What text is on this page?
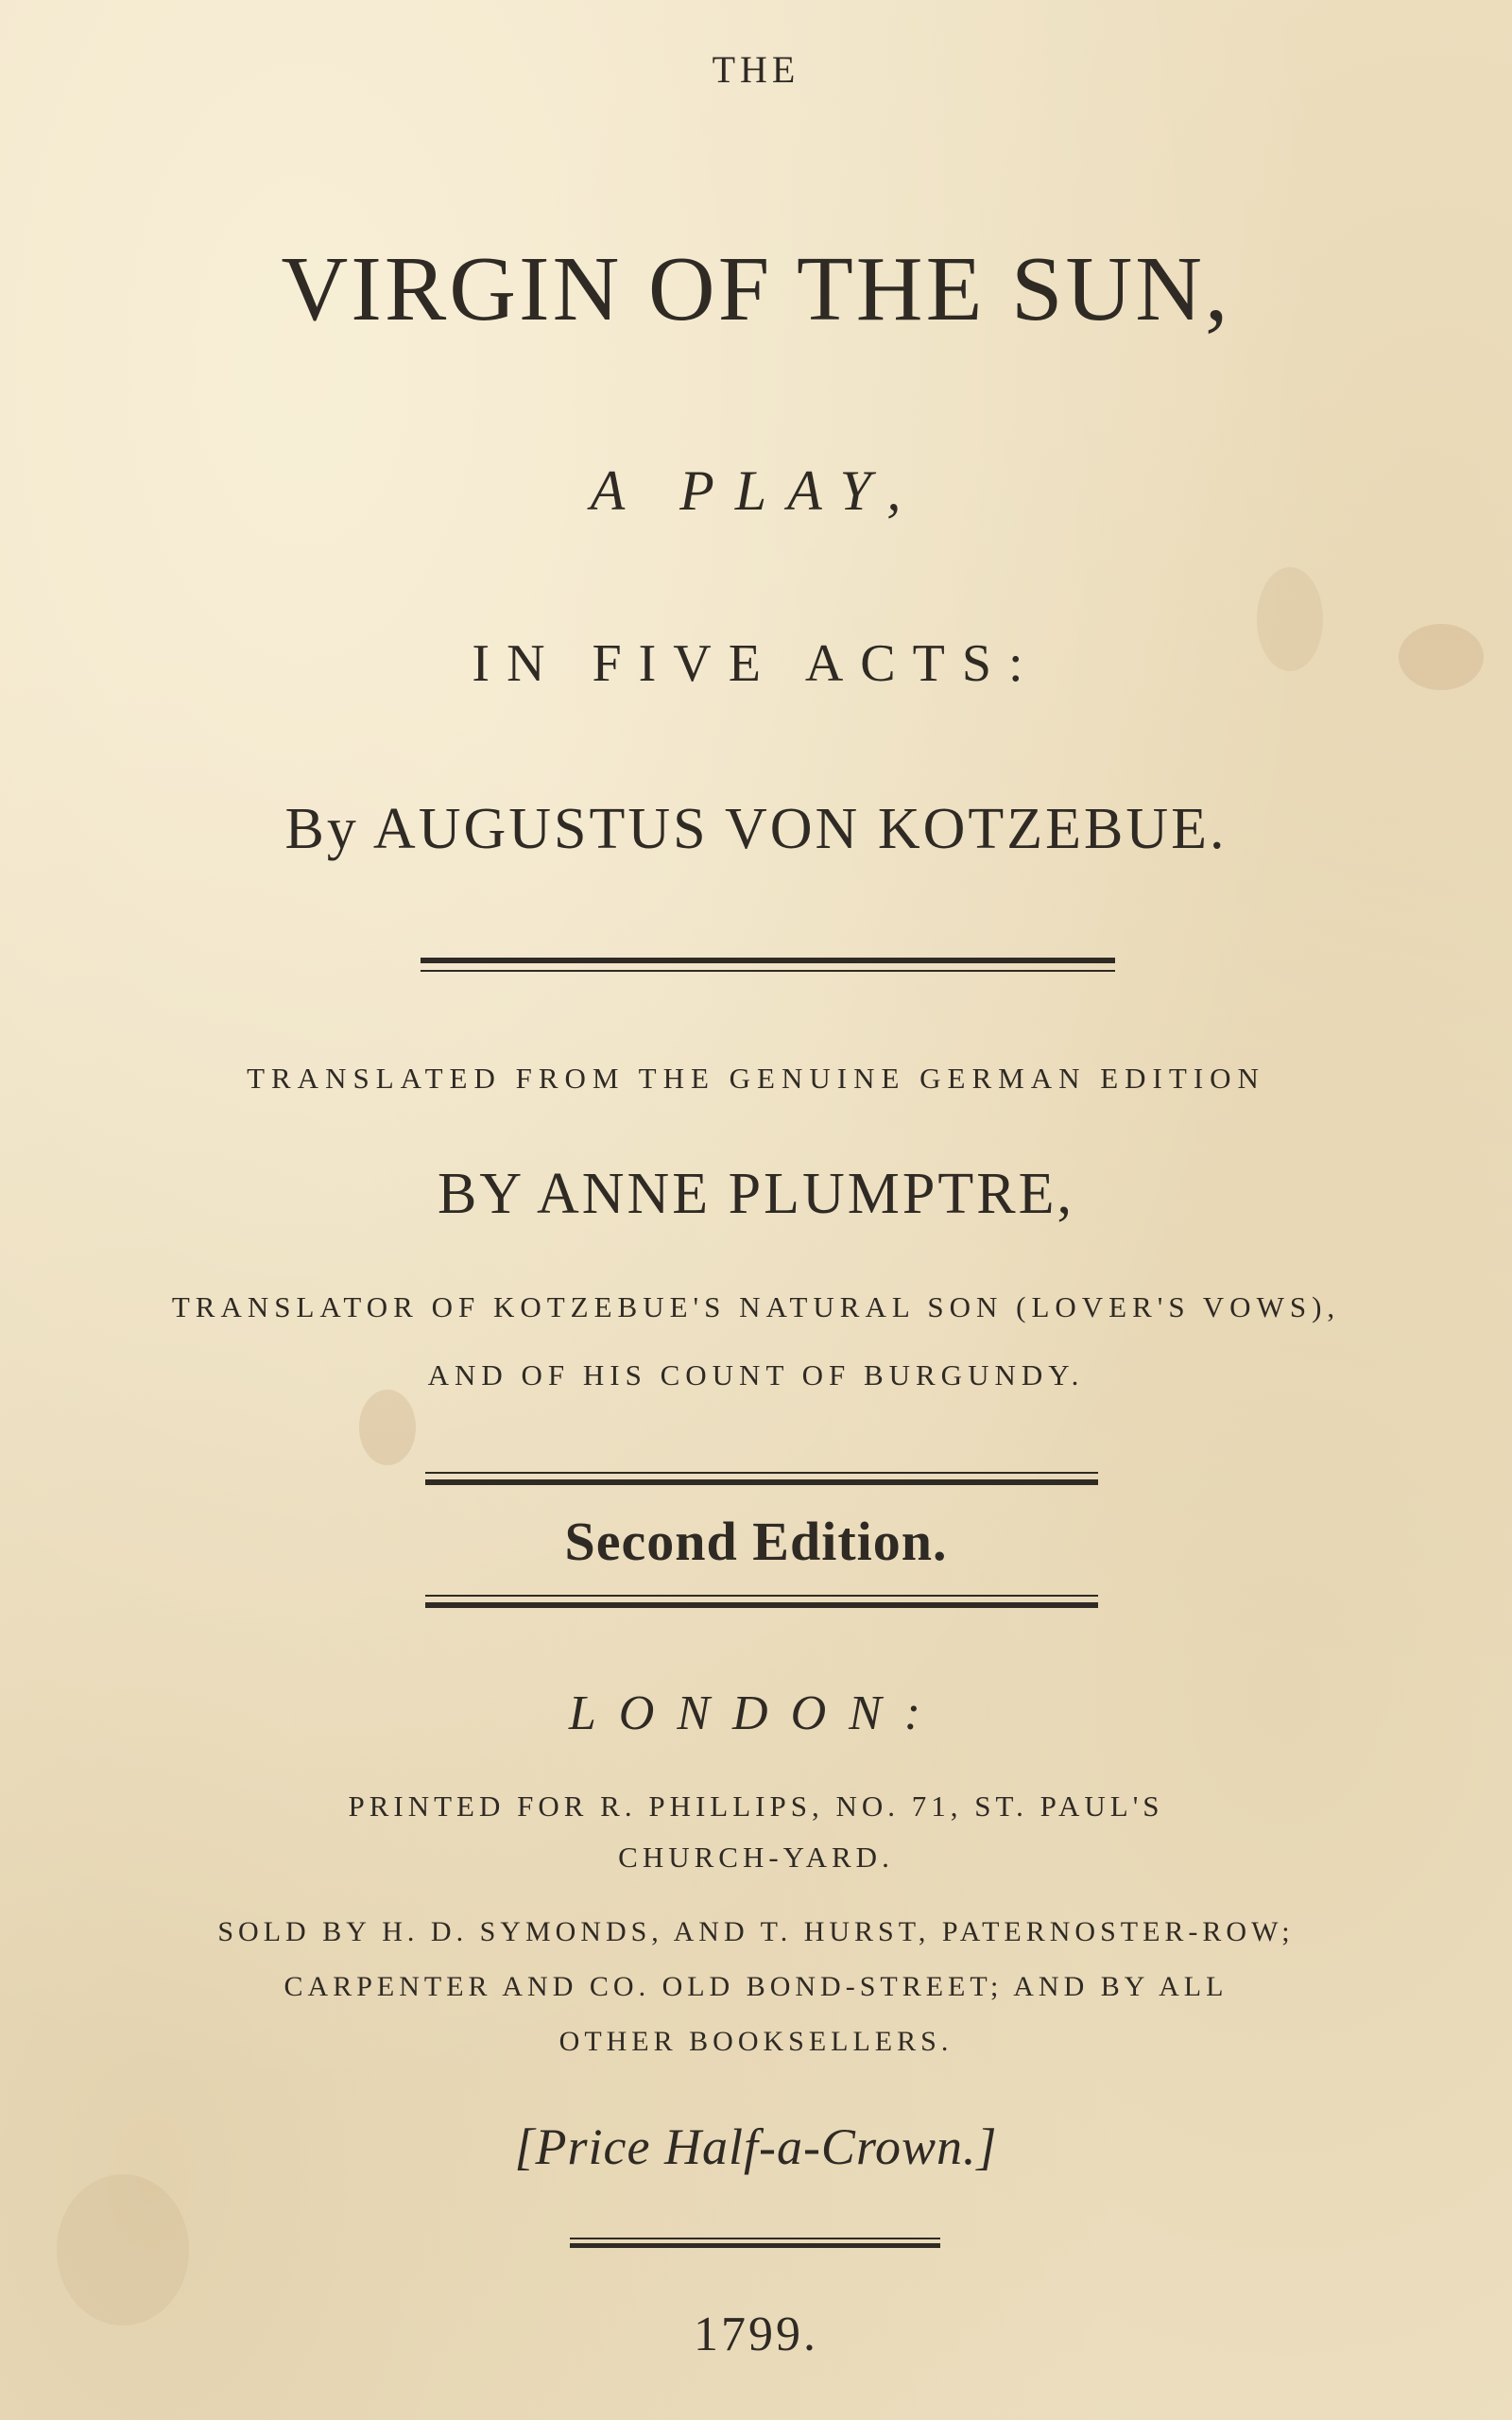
THE
VIRGIN OF THE SUN,
A PLAY,
IN FIVE ACTS:
By AUGUSTUS VON KOTZEBUE.
TRANSLATED FROM THE GENUINE GERMAN EDITION
BY ANNE PLUMPTRE,
TRANSLATOR OF KOTZEBUE'S NATURAL SON (LOVER'S VOWS),
AND OF HIS COUNT OF BURGUNDY.
Second Edition.
LONDON:
PRINTED FOR R. PHILLIPS, NO. 71, ST. PAUL'S
CHURCH-YARD.
SOLD BY H. D. SYMONDS, AND T. HURST, PATERNOSTER-ROW;
CARPENTER AND CO. OLD BOND-STREET; AND BY ALL
OTHER BOOKSELLERS.
[Price Half-a-Crown.]
1799.
